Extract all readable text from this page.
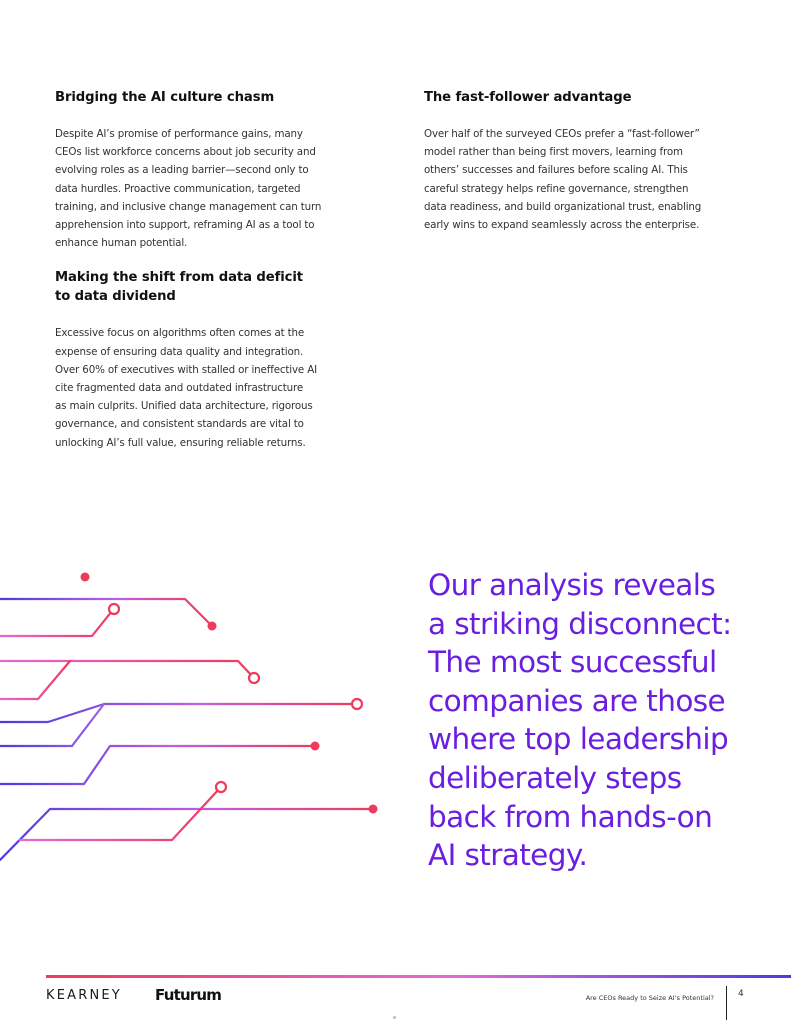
Bridging the AI culture chasm

Despite AI’s promise of performance gains, many
CEOs list workforce concerns about job security and
evolving roles as a leading barrier—second only to
data hurdles. Proactive communication, targeted
training, and inclusive change management can turn
apprehension into support, reframing AI as a tool to
enhance human potential.

Making the shift from data deficit
to data dividend

Excessive focus on algorithms often comes at the
expense of ensuring data quality and integration.
Over 60% of executives with stalled or ineffective AI
cite fragmented data and outdated infrastructure
as main culprits. Unified data architecture, rigorous
governance, and consistent standards are vital to
unlocking AI’s full value, ensuring reliable returns.

The fast-follower advantage

Over half of the surveyed CEOs prefer a “fast-follower”
model rather than being first movers, learning from
others’ successes and failures before scaling AI. This
careful strategy helps refine governance, strengthen
data readiness, and build organizational trust, enabling
early wins to expand seamlessly across the enterprise.

Our analysis reveals
a striking disconnect:
The most successful
companies are those
where top leadership
deliberately steps
back from hands-on
AI strategy.

KEARNEY Futurum	Are CEOs Ready to Seize AI’s Potential?	4
